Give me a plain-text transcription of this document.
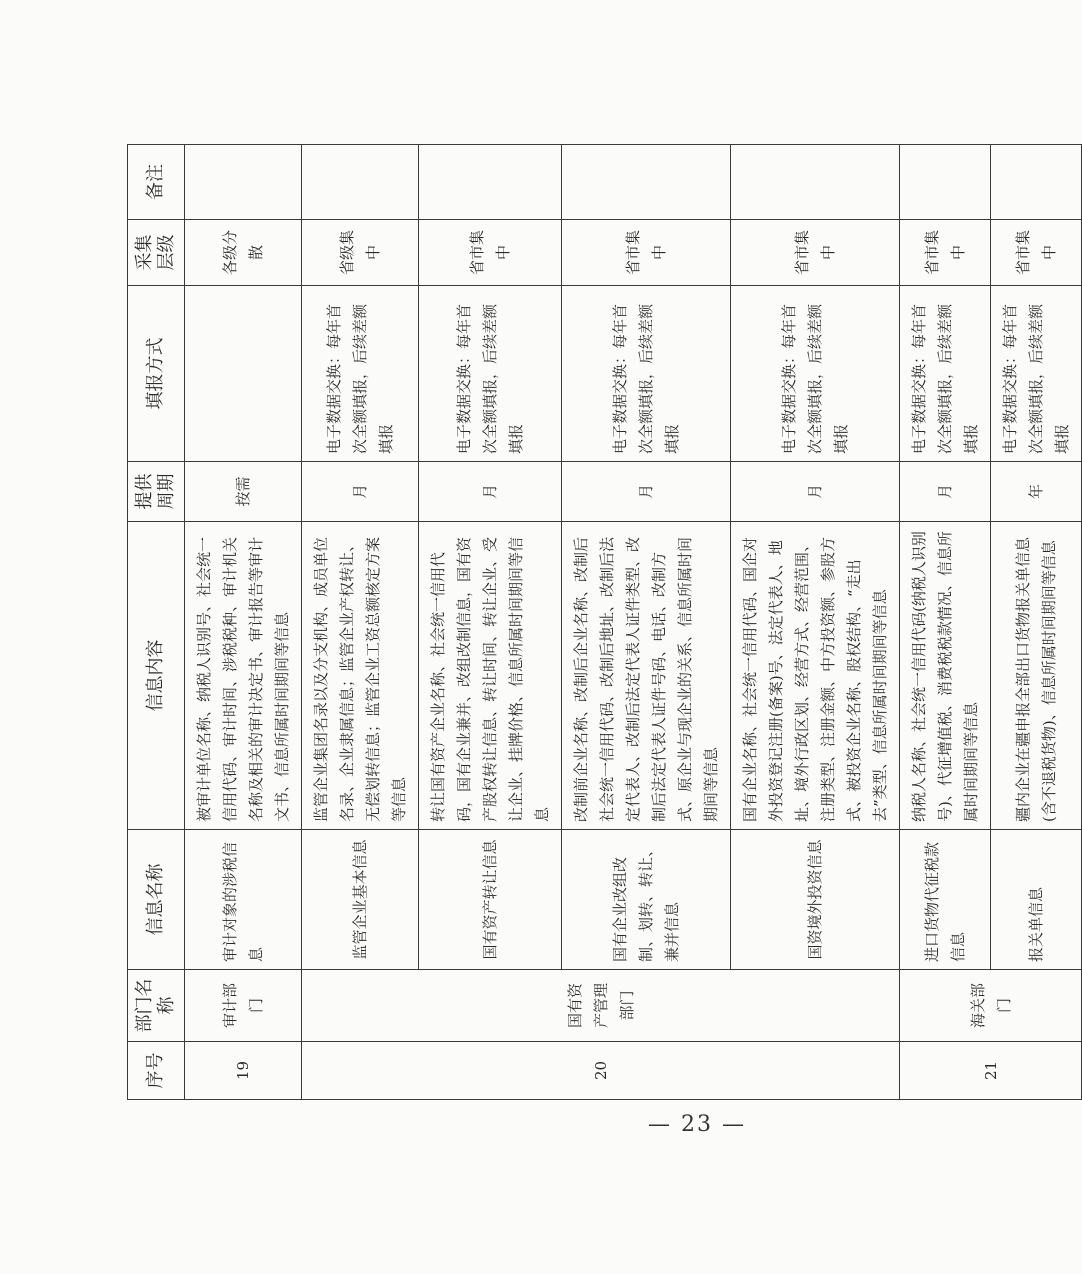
序号	部门名称	信息名称	信息内容	提供周期	填报方式	采集层级	备注
19	审计部门	审计对象的涉税信息	被审计单位名称、纳税人识别号、社会统一信用代码、审计时间、涉税税种、审计机关名称及相关的审计决定书、审计报告等审计文书、信息所属时间期间等信息	按需		各级分散	
20	国有资产管理部门	监管企业基本信息	监管企业集团名录以及分支机构、成员单位名录、企业隶属信息；监管企业产权转让、无偿划转信息；监管企业工资总额核定方案等信息	月	电子数据交换：每年首次全额填报，后续差额填报	省级集中	
		国有资产转让信息	转让国有资产企业名称、社会统一信用代码，国有企业兼并、改组改制信息，国有资产股权转让信息、转让时间、转让企业、受让企业、挂牌价格、信息所属时间期间等信息	月	电子数据交换：每年首次全额填报，后续差额填报	省市集中	
		国有企业改组改制、划转、转让、兼并信息	改制前企业名称、改制后企业名称、改制后社会统一信用代码、改制后地址、改制后法定代表人、改制后法定代表人证件类型、改制后法定代表人证件号码、电话、改制方式、原企业与现企业的关系、信息所属时间期间等信息	月	电子数据交换：每年首次全额填报，后续差额填报	省市集中	
		国资境外投资信息	国有企业名称、社会统一信用代码、国企对外投资登记注册(备案)号、法定代表人、地址、境外行政区划、经营方式、经营范围、注册类型、注册金额、中方投资额、参股方式、被投资企业名称、股权结构、“走出去”类型、信息所属时间期间等信息	月	电子数据交换：每年首次全额填报，后续差额填报	省市集中	
21	海关部门	进口货物代征税款信息	纳税人名称、社会统一信用代码(纳税人识别号)、代征增值税、消费税税款情况、信息所属时间期间等信息	月	电子数据交换：每年首次全额填报，后续差额填报	省市集中	
		报关单信息	疆内企业在疆申报全部出口货物报关单信息(含不退税货物)、信息所属时间期间等信息	年	电子数据交换：每年首次全额填报，后续差额填报	省市集中	
— 23 —
